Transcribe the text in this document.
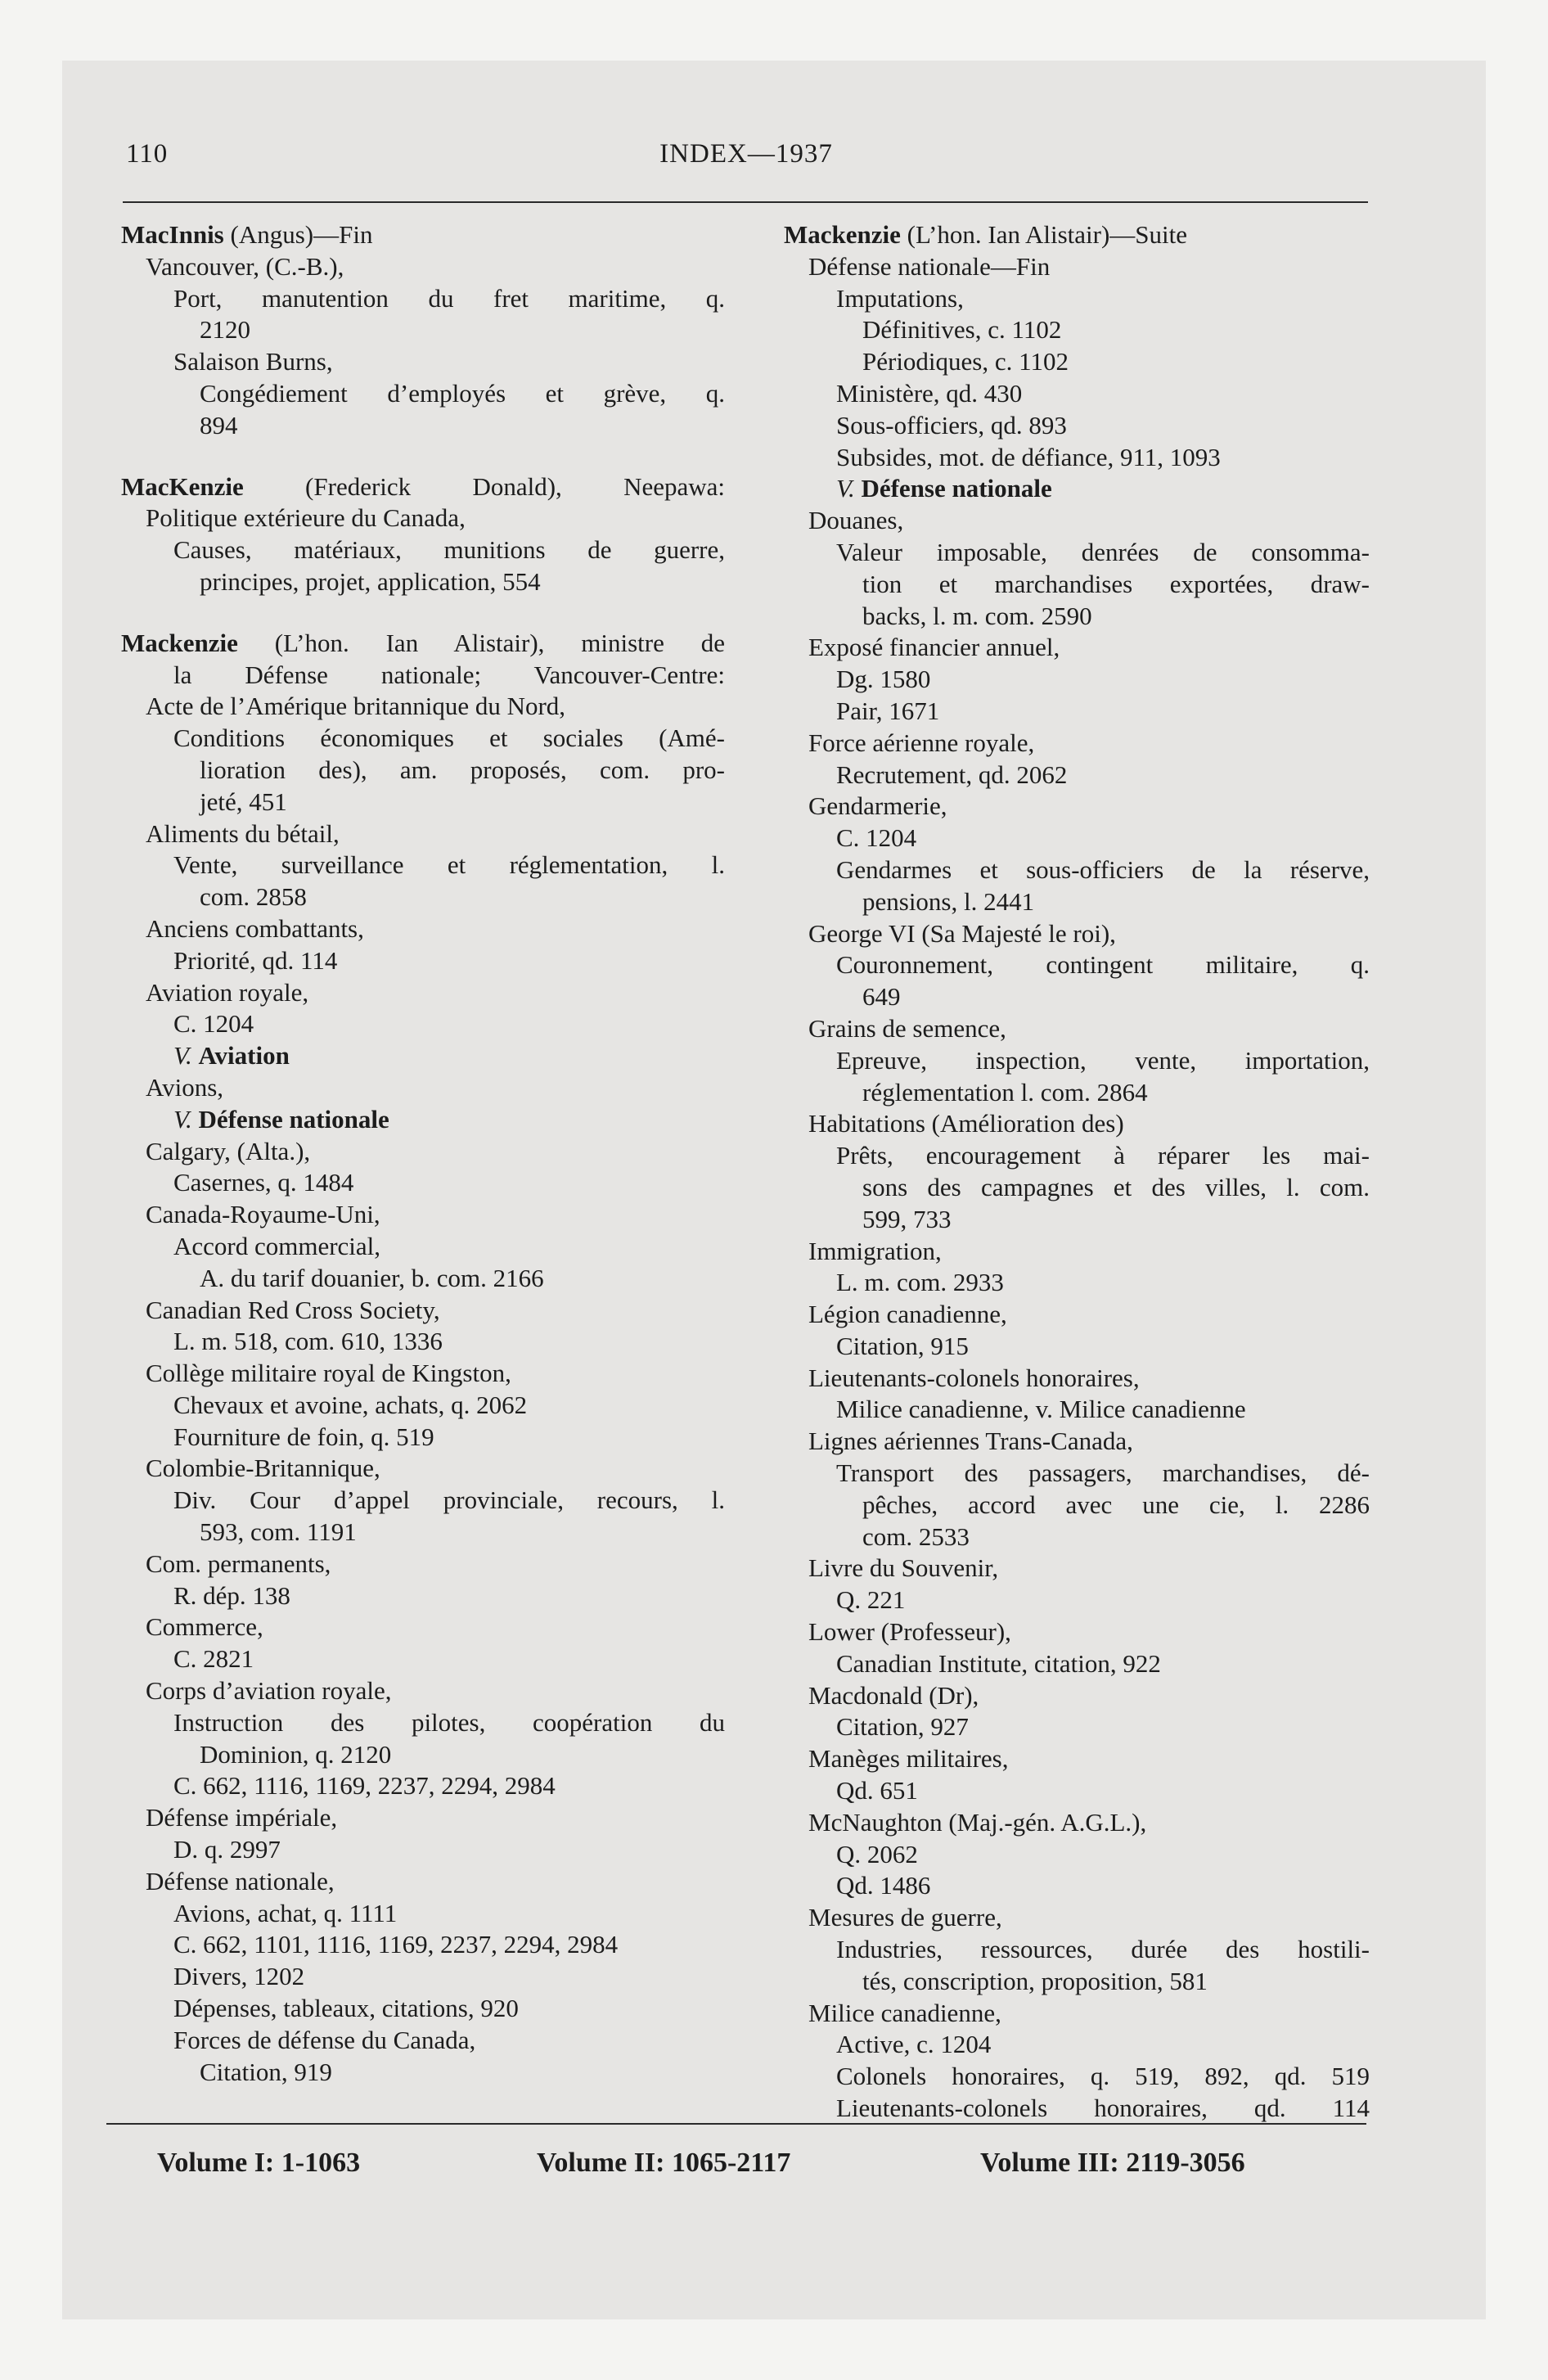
110	INDEX—1937
MacInnis (Angus)—Fin
Vancouver, (C.-B.),
Port, manutention du fret maritime, q.
2120
Salaison Burns,
Congédiement d’employés et grève, q.
894
MacKenzie (Frederick Donald), Neepawa:
Politique extérieure du Canada,
Causes, matériaux, munitions de guerre,
principes, projet, application, 554
Mackenzie (L’hon. Ian Alistair), ministre de
la Défense nationale; Vancouver-Centre:
Acte de l’Amérique britannique du Nord,
Conditions économiques et sociales (Amé-
lioration des), am. proposés, com. pro-
jeté, 451
Aliments du bétail,
Vente, surveillance et réglementation, l.
com. 2858
Anciens combattants,
Priorité, qd. 114
Aviation royale,
C. 1204
V. Aviation
Avions,
V. Défense nationale
Calgary, (Alta.),
Casernes, q. 1484
Canada-Royaume-Uni,
Accord commercial,
A. du tarif douanier, b. com. 2166
Canadian Red Cross Society,
L. m. 518, com. 610, 1336
Collège militaire royal de Kingston,
Chevaux et avoine, achats, q. 2062
Fourniture de foin, q. 519
Colombie-Britannique,
Div. Cour d’appel provinciale, recours, l.
593, com. 1191
Com. permanents,
R. dép. 138
Commerce,
C. 2821
Corps d’aviation royale,
Instruction des pilotes, coopération du
Dominion, q. 2120
C. 662, 1116, 1169, 2237, 2294, 2984
Défense impériale,
D. q. 2997
Défense nationale,
Avions, achat, q. 1111
C. 662, 1101, 1116, 1169, 2237, 2294, 2984
Divers, 1202
Dépenses, tableaux, citations, 920
Forces de défense du Canada,
Citation, 919
Mackenzie (L’hon. Ian Alistair)—Suite
Défense nationale—Fin
Imputations,
Définitives, c. 1102
Périodiques, c. 1102
Ministère, qd. 430
Sous-officiers, qd. 893
Subsides, mot. de défiance, 911, 1093
V. Défense nationale
Douanes,
Valeur imposable, denrées de consomma-
tion et marchandises exportées, draw-
backs, l. m. com. 2590
Exposé financier annuel,
Dg. 1580
Pair, 1671
Force aérienne royale,
Recrutement, qd. 2062
Gendarmerie,
C. 1204
Gendarmes et sous-officiers de la réserve,
pensions, l. 2441
George VI (Sa Majesté le roi),
Couronnement, contingent militaire, q.
649
Grains de semence,
Epreuve, inspection, vente, importation,
réglementation l. com. 2864
Habitations (Amélioration des)
Prêts, encouragement à réparer les mai-
sons des campagnes et des villes, l. com.
599, 733
Immigration,
L. m. com. 2933
Légion canadienne,
Citation, 915
Lieutenants-colonels honoraires,
Milice canadienne, v. Milice canadienne
Lignes aériennes Trans-Canada,
Transport des passagers, marchandises, dé-
pêches, accord avec une cie, l. 2286
com. 2533
Livre du Souvenir,
Q. 221
Lower (Professeur),
Canadian Institute, citation, 922
Macdonald (Dr),
Citation, 927
Manèges militaires,
Qd. 651
McNaughton (Maj.-gén. A.G.L.),
Q. 2062
Qd. 1486
Mesures de guerre,
Industries, ressources, durée des hostili-
tés, conscription, proposition, 581
Milice canadienne,
Active, c. 1204
Colonels honoraires, q. 519, 892, qd. 519
Lieutenants-colonels honoraires, qd. 114
Volume I: 1-1063	Volume II: 1065-2117	Volume III: 2119-3056
